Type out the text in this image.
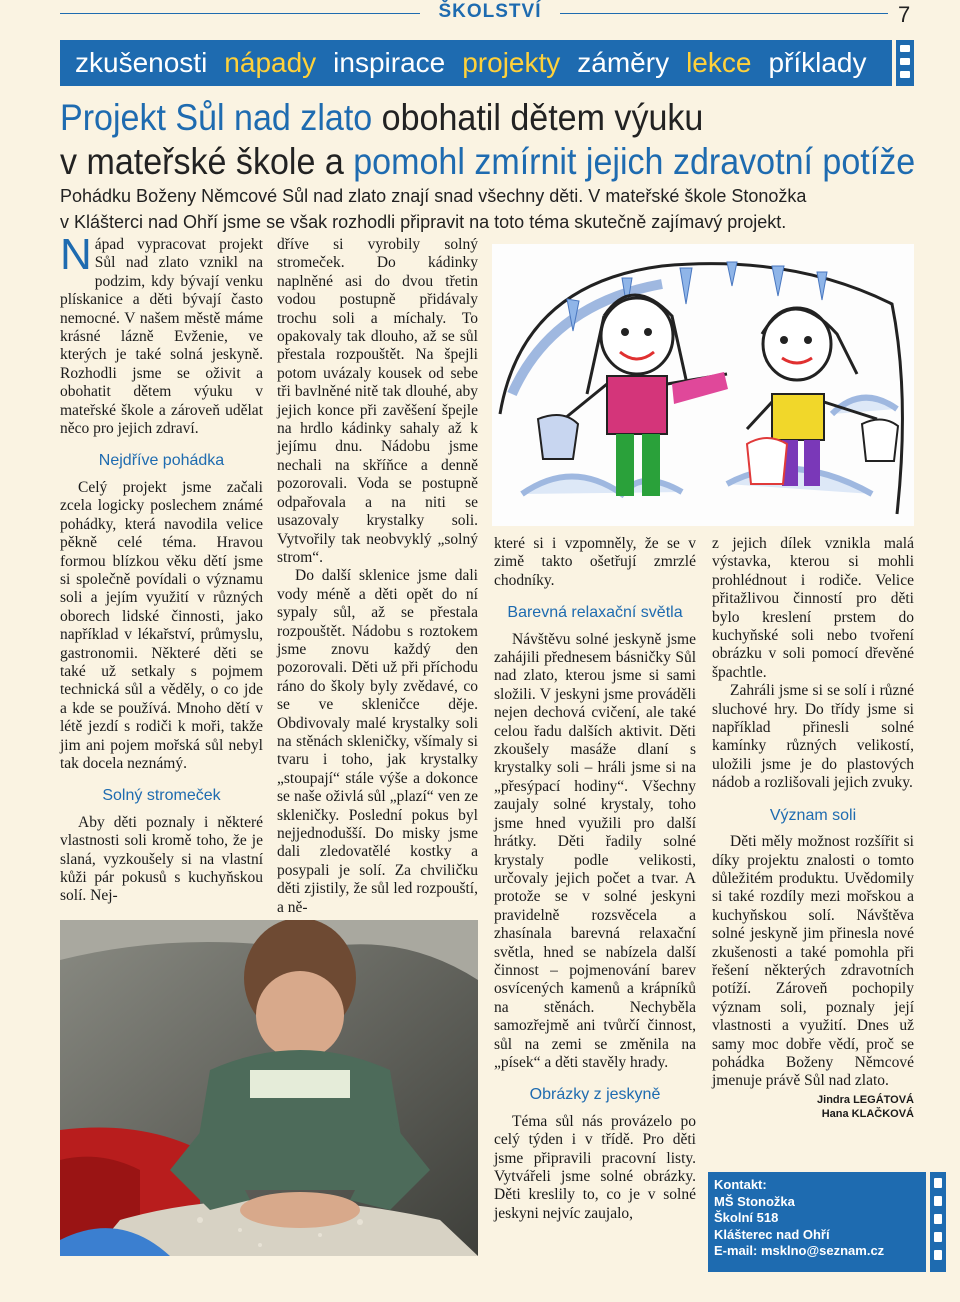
ŠKOLSTVÍ	7
zkušenosti nápady inspirace projekty záměry lekce příklady
Projekt Sůl nad zlato obohatil dětem výuku
v mateřské škole a pomohl zmírnit jejich zdravotní potíže
Pohádku Boženy Němcové Sůl nad zlato znají snad všechny děti. V mateřské škole Stonožka
v Klášterci nad Ohří jsme se však rozhodli připravit na toto téma skutečně zajímavý projekt.

Nápad vypracovat projekt Sůl nad zlato vznikl na podzim, kdy bývají venku plískanice a děti bývají často nemocné. V našem městě máme krásné lázně Evženie, ve kterých je také solná jeskyně. Rozhodli jsme se oživit a obohatit dětem výuku v mateřské škole a zároveň udělat něco pro jejich zdraví.

Nejdříve pohádka

Celý projekt jsme začali zcela logicky poslechem známé pohádky, která navodila velice pěkně celé téma. Hravou formou blízkou věku dětí jsme si společně povídali o významu soli a jejím využití v různých oborech lidské činnosti, jako například v lékařství, průmyslu, gastronomii. Některé děti se také už setkaly s pojmem technická sůl a věděly, o co jde a kde se používá. Mnoho dětí v létě jezdí s rodiči k moři, takže jim ani pojem mořská sůl nebyl tak docela neznámý.

Solný stromeček

Aby děti poznaly i některé vlastnosti soli kromě toho, že je slaná, vyzkoušely si na vlastní kůži pár pokusů s kuchyňskou solí. Nej-

dříve si vyrobily solný stromeček. Do kádinky naplněné asi do dvou třetin vodou postupně přidávaly trochu soli a míchaly. To opakovaly tak dlouho, až se sůl přestala rozpouštět. Na špejli potom uvázaly kousek od sebe tři bavlněné nitě tak dlouhé, aby jejich konce při zavěšení špejle na hrdlo kádinky sahaly až k jejímu dnu. Nádobu jsme nechali na skříňce a denně pozorovali. Voda se postupně odpařovala a na niti se usazovaly krystalky soli. Vytvořily tak neobvyklý „solný strom“.

Do další sklenice jsme dali vody méně a děti opět do ní sypaly sůl, až se přestala rozpouštět. Nádobu s roztokem jsme znovu každý den pozorovali. Děti už při příchodu ráno do školy byly zvědavé, co se ve skleničce děje. Obdivovaly malé krystalky soli na stěnách skleničky, všímaly si tvaru i toho, jak krystalky „stoupají“ stále výše a dokonce se naše oživlá sůl „plazí“ ven ze skleničky. Poslední pokus byl nejjednodušší. Do misky jsme dali zledovatělé kostky a posypali je solí. Za chviličku děti zjistily, že sůl led rozpouští, a ně-

které si i vzpomněly, že se v zimě takto ošetřují zmrzlé chodníky.

Barevná relaxační světla

Návštěvu solné jeskyně jsme zahájili přednesem básničky Sůl nad zlato, kterou jsme si sami složili. V jeskyni jsme prováděli nejen dechová cvičení, ale také celou řadu dalších aktivit. Děti zkoušely masáže dlaní s krystalky soli – hráli jsme si na „přesýpací hodiny“. Všechny zaujaly solné krystaly, toho jsme hned využili pro další hrátky. Děti řadily solné krystaly podle velikosti, určovaly jejich počet a tvar. A protože se v solné jeskyni pravidelně rozsvěcela a zhasínala barevná relaxační světla, hned se nabízela další činnost – pojmenování barev osvícených kamenů a krápníků na stěnách. Nechyběla samozřejmě ani tvůrčí činnost, sůl na zemi se změnila na „písek“ a děti stavěly hrady.

Obrázky z jeskyně

Téma sůl nás provázelo po celý týden i v třídě. Pro děti jsme připravili pracovní listy. Vytvářeli jsme solné obrázky. Děti kreslily to, co je v solné jeskyni nejvíc zaujalo,

z jejich dílek vznikla malá výstavka, kterou si mohli prohlédnout i rodiče. Velice přitažlivou činností pro děti bylo kreslení prstem do kuchyňské soli nebo tvoření obrázku v soli pomocí dřevěné špachtle.

Zahráli jsme si se solí i různé sluchové hry. Do třídy jsme si například přinesli solné kamínky různých velikostí, uložili jsme je do plastových nádob a rozlišovali jejich zvuky.

Význam soli

Děti měly možnost rozšířit si díky projektu znalosti o tomto důležitém produktu. Uvědomily si také rozdíly mezi mořskou a kuchyňskou solí. Návštěva solné jeskyně jim přinesla nové zkušenosti a také pomohla při řešení některých zdravotních potíží. Zároveň pochopily význam soli, poznaly její vlastnosti a využití. Dnes už samy moc dobře vědí, proč se pohádka Boženy Němcové jmenuje právě Sůl nad zlato.

Jindra LEGÁTOVÁ
Hana KLAČKOVÁ
Kontakt:
MŠ Stonožka
Školní 518
Klášterec nad Ohří
E-mail: msklno@seznam.cz
